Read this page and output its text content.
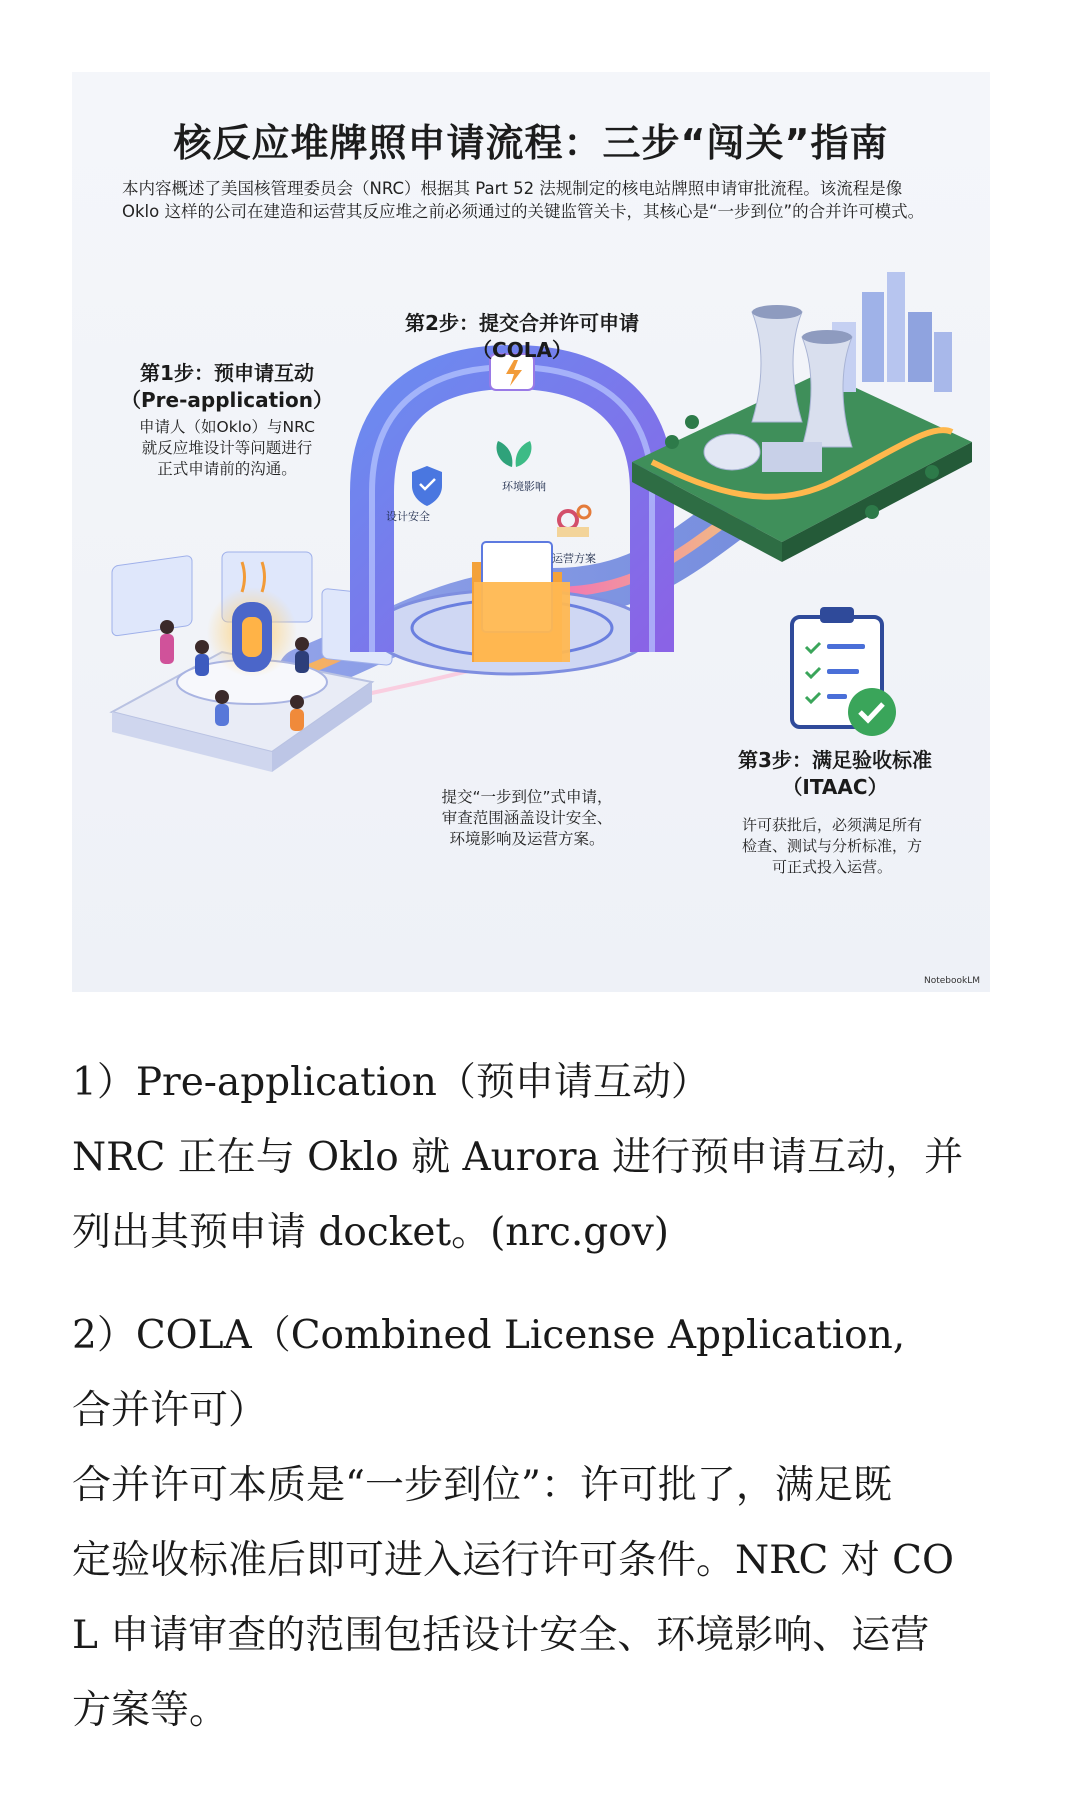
设计安全
环境影响
运营方案
核反应堆牌照申请流程：三步“闯关”指南
本内容概述了美国核管理委员会（NRC）根据其 Part 52 法规制定的核电站牌照申请审批流程。该流程是像 Oklo 这样的公司在建造和运营其反应堆之前必须通过的关键监管关卡，其核心是“一步到位”的合并许可模式。
第1步：预申请互动
（Pre-application）
申请人（如Oklo）与NRC
就反应堆设计等问题进行
正式申请前的沟通。
第2步：提交合并许可申请
（COLA）
提交“一步到位”式申请，
审查范围涵盖设计安全、
环境影响及运营方案。
第3步：满足验收标准
（ITAAC）
许可获批后，必须满足所有
检查、测试与分析标准，方
可正式投入运营。
NotebookLM

1）Pre-application（预申请互动）

NRC 正在与 Oklo 就 Aurora 进行预申请互动，并

列出其预申请 docket。(nrc.gov)

2）COLA（Combined License Application,

合并许可）

合并许可本质是“一步到位”：许可批了，满足既

定验收标准后即可进入运行许可条件。NRC 对 CO

L 申请审查的范围包括设计安全、环境影响、运营

方案等。
